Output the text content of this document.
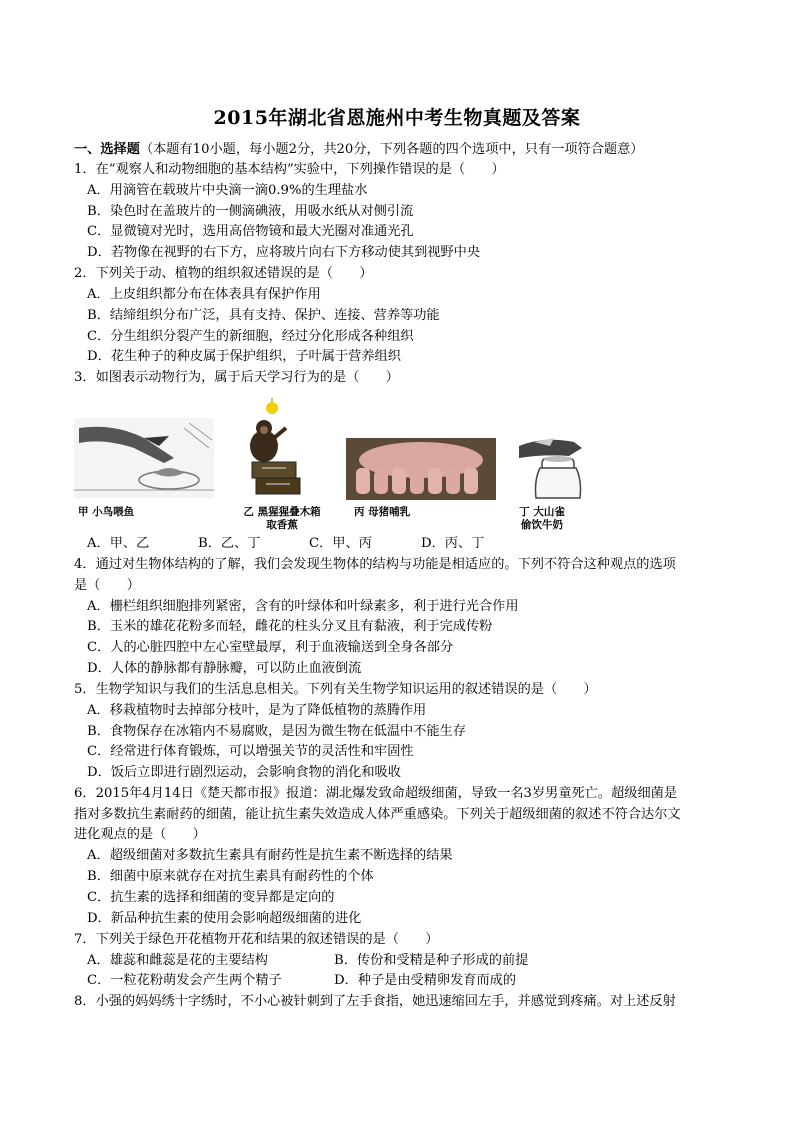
2015年湖北省恩施州中考生物真题及答案
一、选择题（本题有10小题，每小题2分，共20分，下列各题的四个选项中，只有一项符合题意）
1．在“观察人和动物细胞的基本结构”实验中，下列操作错误的是（　　）
A．用滴管在载玻片中央滴一滴0.9%的生理盐水
B．染色时在盖玻片的一侧滴碘液，用吸水纸从对侧引流
C．显微镜对光时，选用高倍物镜和最大光圈对准通光孔
D．若物像在视野的右下方，应将玻片向右下方移动使其到视野中央
2．下列关于动、植物的组织叙述错误的是（　　）
A．上皮组织都分布在体表具有保护作用
B．结缔组织分布广泛，具有支持、保护、连接、营养等功能
C．分生组织分裂产生的新细胞，经过分化形成各种组织
D．花生种子的种皮属于保护组织，子叶属于营养组织
3．如图表示动物行为，属于后天学习行为的是（　　）
甲 小鸟喂鱼	乙 黑猩猩叠木箱
取香蕉
丙 母猪哺乳	丁 大山雀
偷饮牛奶
A．甲、乙	B．乙、丁	C．甲、丙	D．丙、丁
4．通过对生物体结构的了解，我们会发现生物体的结构与功能是相适应的。下列不符合这种观点的选项
是（　　）
A．栅栏组织细胞排列紧密，含有的叶绿体和叶绿素多，利于进行光合作用
B．玉米的雄花花粉多而轻，雌花的柱头分叉且有黏液，利于完成传粉
C．人的心脏四腔中左心室壁最厚，利于血液输送到全身各部分
D．人体的静脉都有静脉瓣，可以防止血液倒流
5．生物学知识与我们的生活息息相关。下列有关生物学知识运用的叙述错误的是（　　）
A．移栽植物时去掉部分枝叶，是为了降低植物的蒸腾作用
B．食物保存在冰箱内不易腐败，是因为微生物在低温中不能生存
C．经常进行体育锻炼，可以增强关节的灵活性和牢固性
D．饭后立即进行剧烈运动，会影响食物的消化和吸收
6．2015年4月14日《楚天都市报》报道：湖北爆发致命超级细菌，导致一名3岁男童死亡。超级细菌是
指对多数抗生素耐药的细菌，能让抗生素失效造成人体严重感染。下列关于超级细菌的叙述不符合达尔文
进化观点的是（　　）
A．超级细菌对多数抗生素具有耐药性是抗生素不断选择的结果
B．细菌中原来就存在对抗生素具有耐药性的个体
C．抗生素的选择和细菌的变异都是定向的
D．新品种抗生素的使用会影响超级细菌的进化
7．下列关于绿色开花植物开花和结果的叙述错误的是（　　）
A．雄蕊和雌蕊是花的主要结构	B．传份和受精是种子形成的前提
C．一粒花粉萌发会产生两个精子	D．种子是由受精卵发育而成的
8．小强的妈妈绣十字绣时，不小心被针刺到了左手食指，她迅速缩回左手，并感觉到疼痛。对上述反射
